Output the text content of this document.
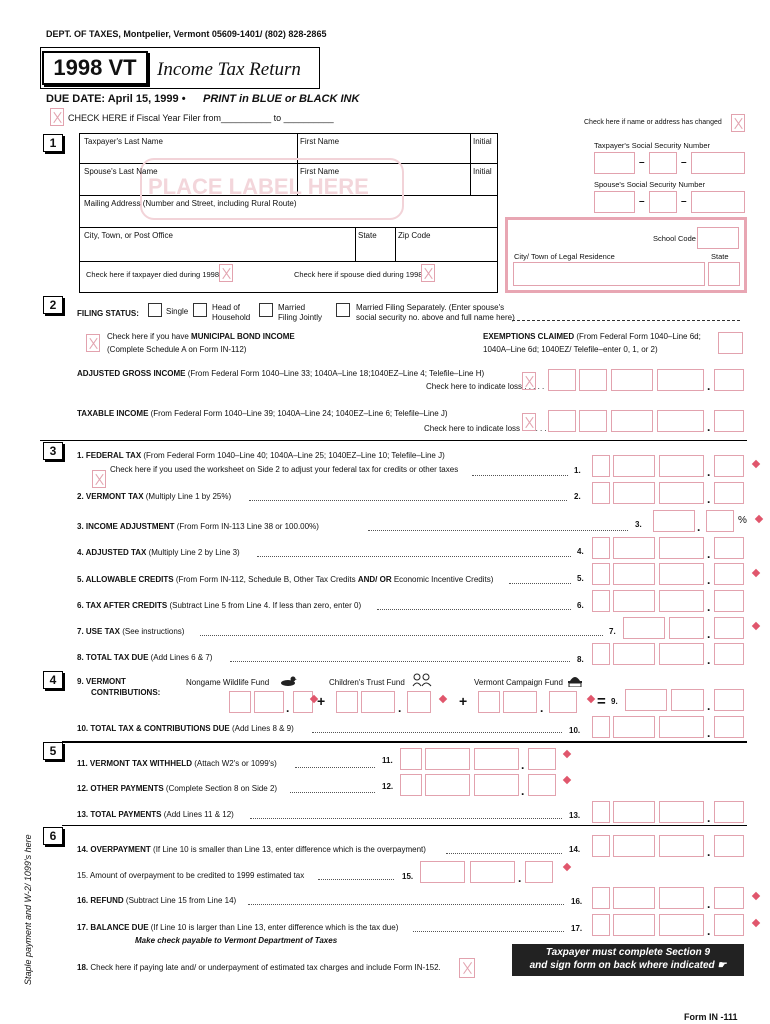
DEPT. OF TAXES, Montpelier, Vermont 05609-1401/ (802) 828-2865
1998 VT	Income Tax Return
DUE DATE: April 15, 1999 • PRINT in BLUE or BLACK INK
CHECK HERE if Fiscal Year Filer from__________ to __________	Check here if name or address has changed
1
PLACE LABEL HERE
Taxpayer's Last Name	First Name	Initial
Spouse's Last Name	First Name	Initial
Mailing Address (Number and Street, including Rural Route)
City, Town, or Post Office	State	Zip Code
Check here if taxpayer died during 1998	Check here if spouse died during 1998
Taxpayer's Social Security Number
–	–
Spouse's Social Security Number
–	–
School Code
City/ Town of Legal Residence	State
2
FILING STATUS:	Single	Head of
Household
Married
Filing Jointly
Married Filing Separately. (Enter spouse's
social security no. above and full name here)
Check here if you have MUNICIPAL BOND INCOME
(Complete Schedule A on Form IN-112)
EXEMPTIONS CLAIMED (From Federal Form 1040–Line 6d;
1040A–Line 6d; 1040EZ/ Telefile–enter 0, 1, or 2)
ADJUSTED GROSS INCOME (From Federal Form 1040–Line 33; 1040A–Line 18;1040EZ–Line 4; Telefile–Line H)
Check here to indicate loss . . . . .	.
TAXABLE INCOME (From Federal Form 1040–Line 39; 1040A–Line 24; 1040EZ–Line 6; Telefile–Line J)
Check here to indicate loss . . . . . .	.
3	1. FEDERAL TAX (From Federal Form 1040–Line 40; 1040A–Line 25; 1040EZ–Line 10; Telefile–Line J)
Check here if you used the worksheet on Side 2 to adjust your federal tax for credits or other taxes	1.	.
2. VERMONT TAX (Multiply Line 1 by 25%)	2.	.
3. INCOME ADJUSTMENT (From Form IN-113 Line 38 or 100.00%)	3.	.	%
4. ADJUSTED TAX (Multiply Line 2 by Line 3)	4.	.
5. ALLOWABLE CREDITS (From Form IN-112, Schedule B, Other Tax Credits AND/ OR Economic Incentive Credits)	5.	.
6. TAX AFTER CREDITS (Subtract Line 5 from Line 4. If less than zero, enter 0)	6.	.
7. USE TAX (See instructions)	7.	.
8. TOTAL TAX DUE (Add Lines 6 & 7)	8.	.
4	9. VERMONT
CONTRIBUTIONS:
Nongame Wildlife Fund	Children's Trust Fund	Vermont Campaign Fund
. +	.	+	.	= 9.	.
10. TOTAL TAX & CONTRIBUTIONS DUE (Add Lines 8 & 9)	10.	.
5
11. VERMONT TAX WITHHELD (Attach W2's or 1099's)	11.	.
12. OTHER PAYMENTS (Complete Section 8 on Side 2)	12.	.
13. TOTAL PAYMENTS (Add Lines 11 & 12)	13.	.
6
14. OVERPAYMENT (If Line 10 is smaller than Line 13, enter difference which is the overpayment)	14.	.
15. Amount of overpayment to be credited to 1999 estimated tax	15.	.
16. REFUND (Subtract Line 15 from Line 14)	16.	.
17. BALANCE DUE (If Line 10 is larger than Line 13, enter difference which is the tax due)	17.
Make check payable to Vermont Department of Taxes
.
18. Check here if paying late and/ or underpayment of estimated tax charges and include Form IN-152.
Taxpayer must complete Section 9
and sign form on back where indicated ☛
Staple payment and W-2/ 1099's here
Form IN -111
